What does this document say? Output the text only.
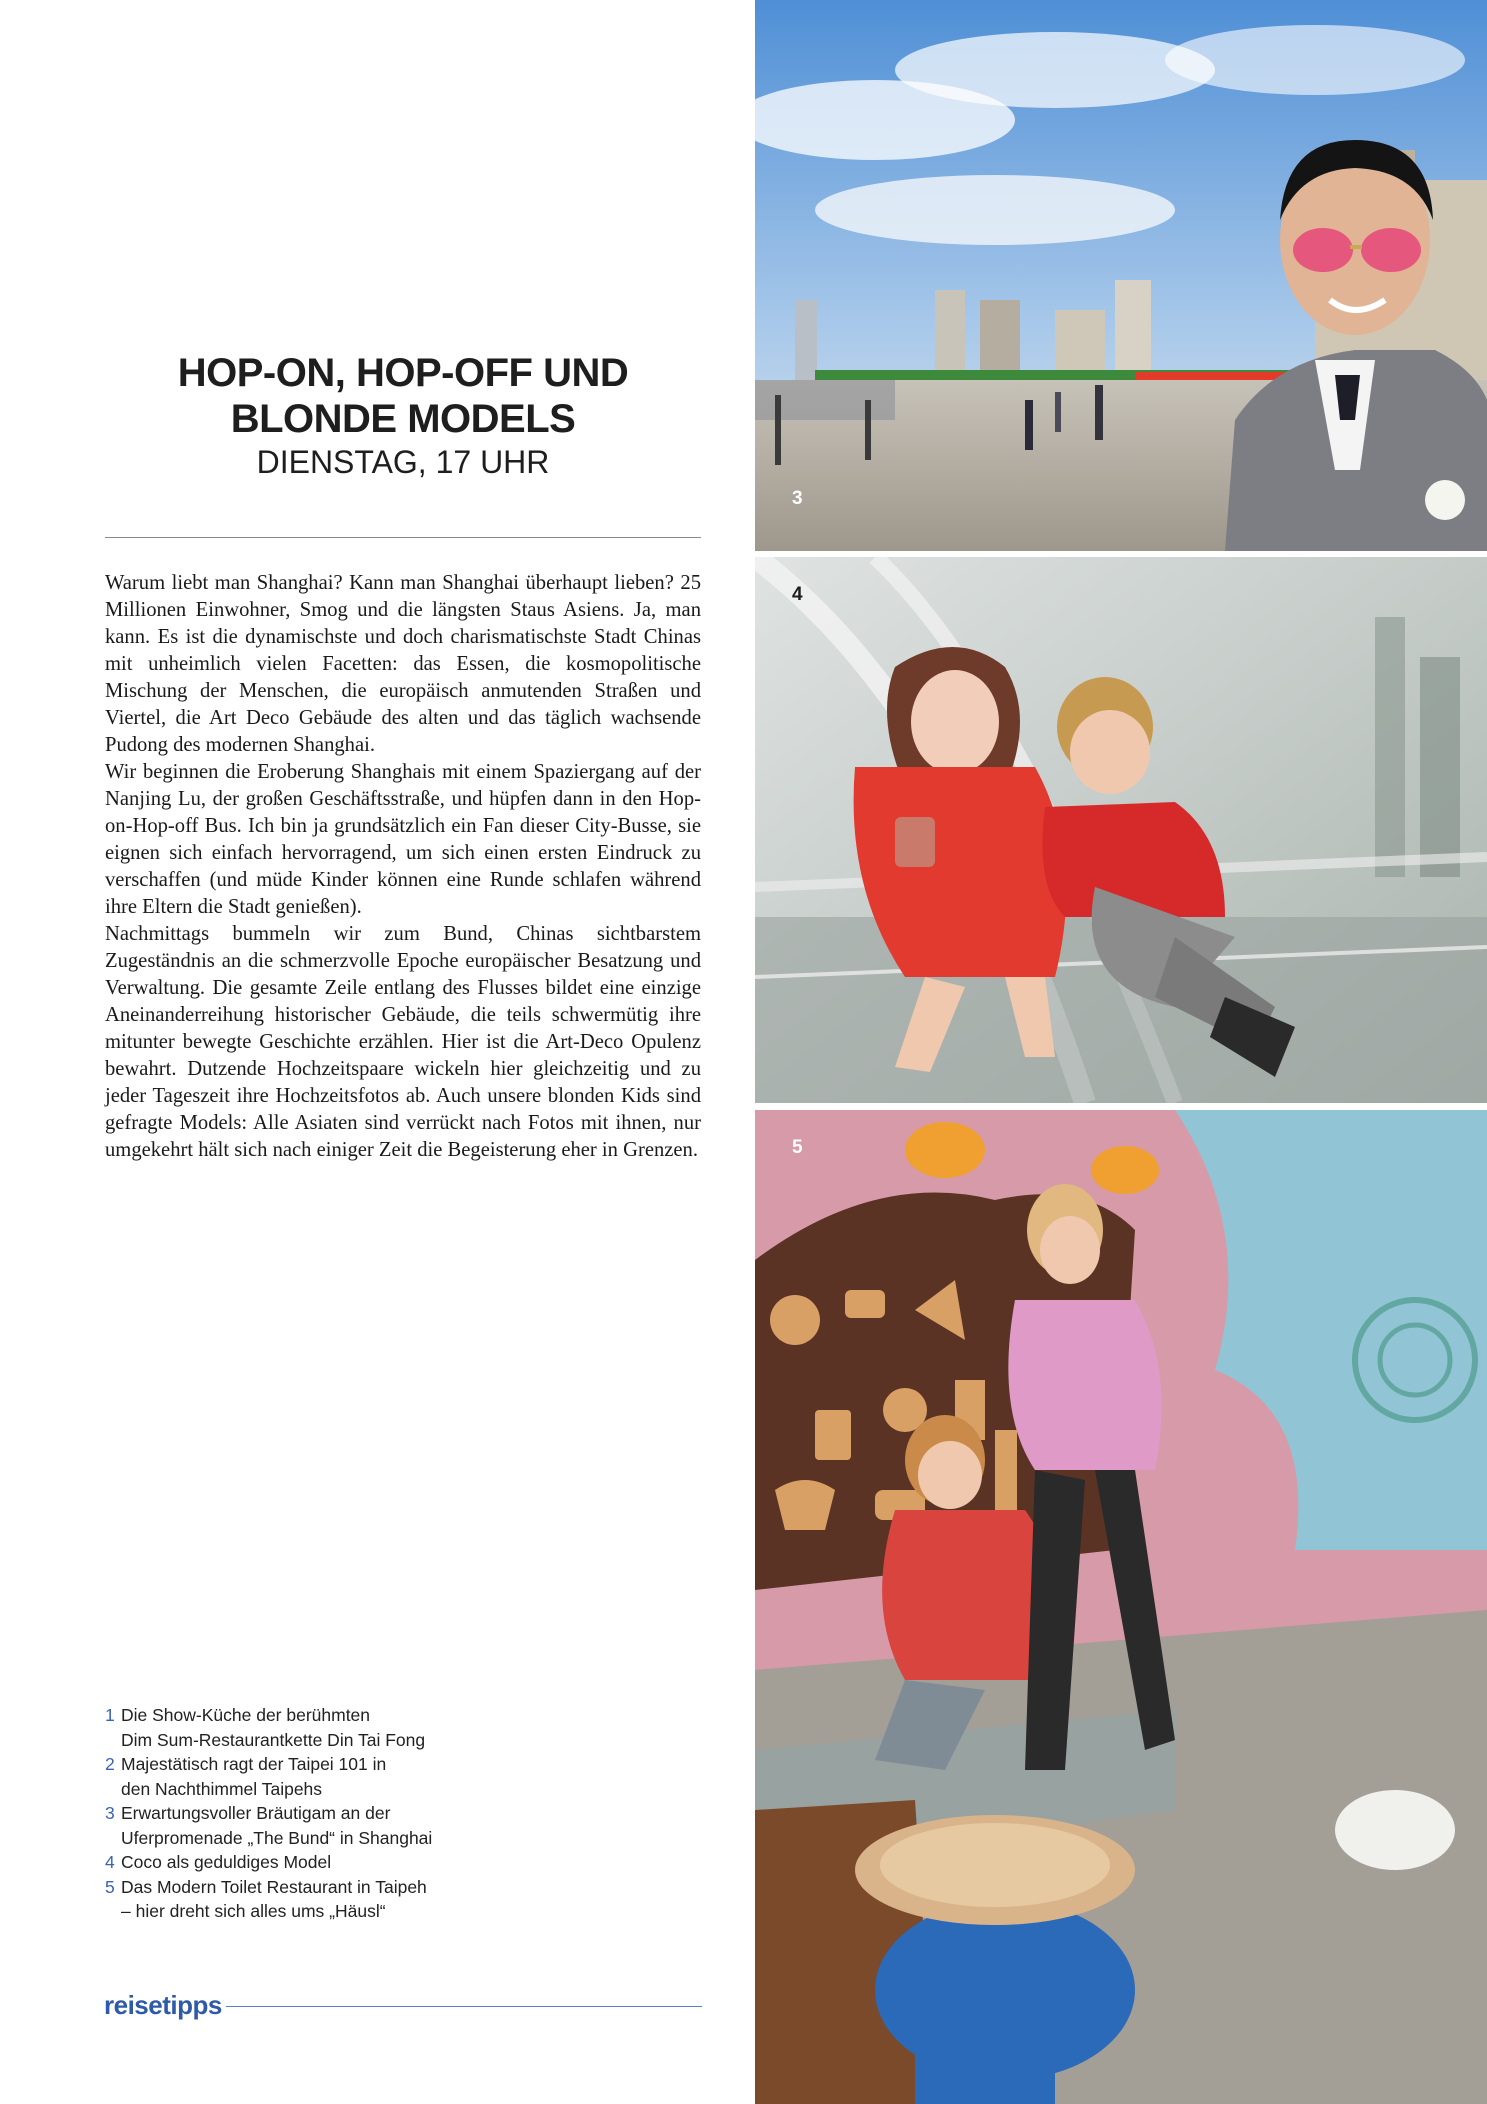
HOP-ON, HOP-OFF UND

BLONDE MODELS

DIENSTAG, 17 UHR

Warum liebt man Shanghai? Kann man Shanghai überhaupt lieben? 25 Millionen Einwohner, Smog und die längsten Staus Asiens. Ja, man kann. Es ist die dynamischste und doch charismatischste Stadt Chinas mit unheimlich vielen Facetten: das Essen, die kosmopolitische Mischung der Menschen, die europäisch anmutenden Straßen und Viertel, die Art Deco Gebäude des alten und das täglich wachsende Pudong des modernen Shanghai.

Wir beginnen die Eroberung Shanghais mit einem Spaziergang auf der Nanjing Lu, der großen Geschäftsstraße, und hüpfen dann in den Hop-on-Hop-off Bus. Ich bin ja grundsätzlich ein Fan dieser City-Busse, sie eignen sich einfach hervorragend, um sich einen ersten Eindruck zu verschaffen (und müde Kinder können eine Runde schlafen während ihre Eltern die Stadt genießen).

Nachmittags bummeln wir zum Bund, Chinas sichtbarstem Zugeständnis an die schmerzvolle Epoche europäischer Besatzung und Verwaltung. Die gesamte Zeile entlang des Flusses bildet eine einzige Aneinanderreihung historischer Gebäude, die teils schwermütig ihre mitunter bewegte Geschichte erzählen. Hier ist die Art-Deco Opulenz bewahrt. Dutzende Hochzeitspaare wickeln hier gleichzeitig und zu jeder Tageszeit ihre Hochzeitsfotos ab. Auch unsere blonden Kids sind gefragte Models: Alle Asiaten sind verrückt nach Fotos mit ihnen, nur umgekehrt hält sich nach einiger Zeit die Begeisterung eher in Grenzen.

1 Die Show-Küche der berühmten
Dim Sum-Restaurantkette Din Tai Fong
2 Majestätisch ragt der Taipei 101 in
den Nachthimmel Taipehs
3 Erwartungsvoller Bräutigam an der
Uferpromenade „The Bund“ in Shanghai
4 Coco als geduldiges Model
5 Das Modern Toilet Restaurant in Taipeh
– hier dreht sich alles ums „Häusl“
reisetipps
3
4
5
